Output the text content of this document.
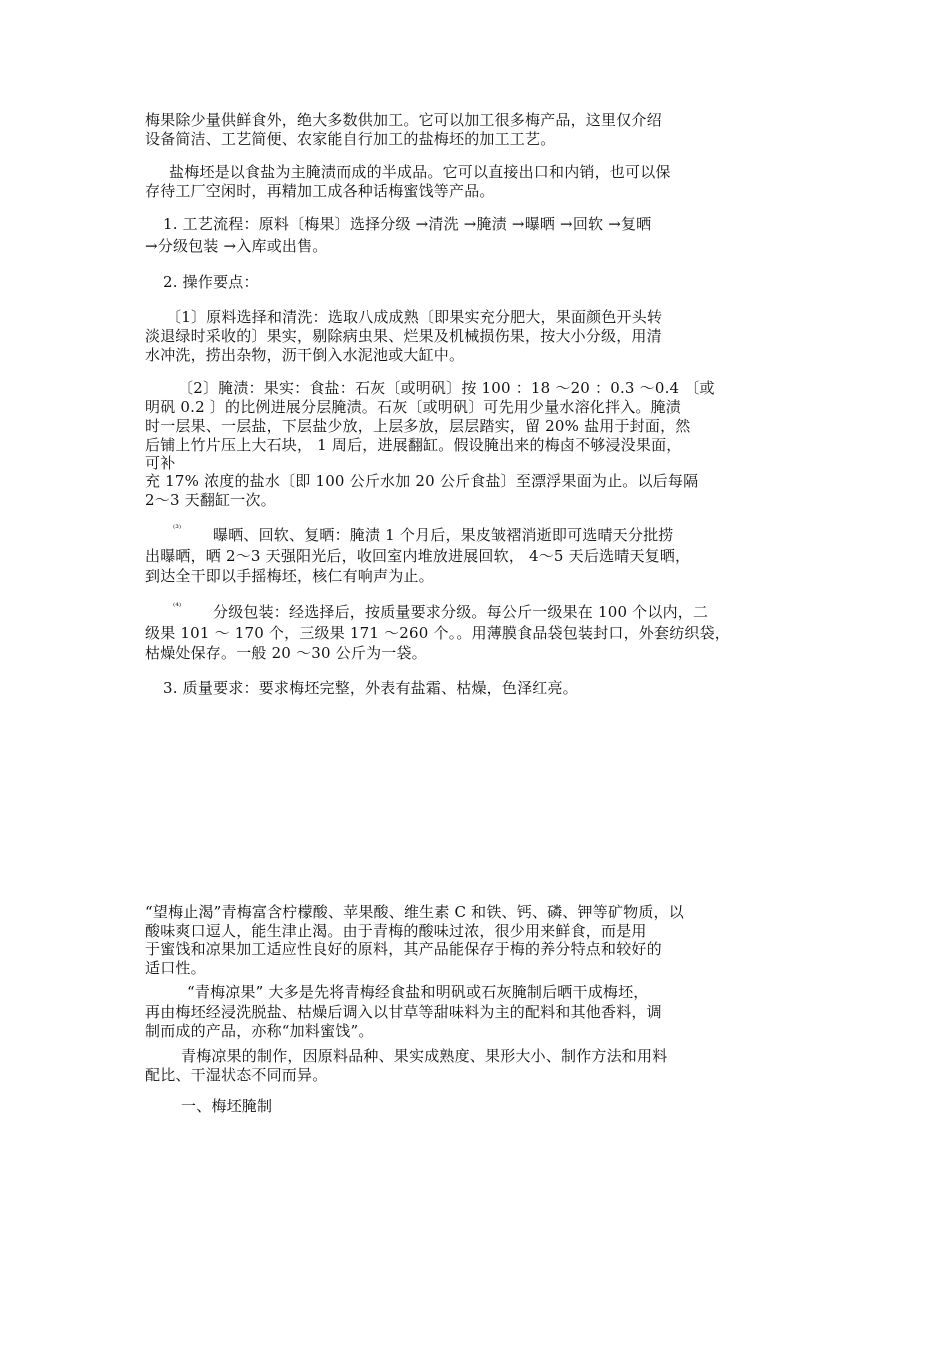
梅果除少量供鲜食外，绝大多数供加工。它可以加工很多梅产品，这里仅介绍
设备简洁、工艺简便、农家能自行加工的盐梅坯的加工工艺。
盐梅坯是以食盐为主腌渍而成的半成品。它可以直接出口和内销，也可以保
存待工厂空闲时，再精加工成各种话梅蜜饯等产品。
1. 工艺流程：原料〔梅果〕选择分级 →清洗 →腌渍 →曝晒 →回软 →复晒
→分级包装 →入库或出售。
2. 操作要点：
〔1〕原料选择和清洗：选取八成成熟〔即果实充分肥大，果面颜色开头转
淡退绿时采收的〕果实，剔除病虫果、烂果及机械损伤果，按大小分级，用清
水冲洗，捞出杂物，沥干倒入水泥池或大缸中。
〔2〕腌渍：果实：食盐：石灰〔或明矾〕按 100 ：18 ～20 ：0.3 ～0.4 〔或
明矾 0.2 〕的比例进展分层腌渍。石灰〔或明矾〕可先用少量水溶化拌入。腌渍
时一层果、一层盐，下层盐少放，上层多放，层层踏实，留 20% 盐用于封面，然
后铺上竹片压上大石块， 1 周后，进展翻缸。假设腌出来的梅卤不够浸没果面，
可补
充 17% 浓度的盐水〔即 100 公斤水加 20 公斤食盐〕至漂浮果面为止。以后每隔
2～3 天翻缸一次。
⁽³⁾ 曝晒、回软、复晒：腌渍 1 个月后，果皮皱褶消逝即可选晴天分批捞
出曝晒，晒 2～3 天强阳光后，收回室内堆放进展回软， 4～5 天后选晴天复晒，
到达全干即以手摇梅坯，核仁有响声为止。
⁽⁴⁾ 分级包装：经选择后，按质量要求分级。每公斤一级果在 100 个以内，二
级果 101 ～ 170 个，三级果 171 ～260 个。。用薄膜食品袋包装封口，外套纺织袋，
枯燥处保存。一般 20 ～30 公斤为一袋。
3. 质量要求：要求梅坯完整，外表有盐霜、枯燥，色泽红亮。
“望梅止渴”青梅富含柠檬酸、苹果酸、维生素 C 和铁、钙、磷、钾等矿物质，以
酸味爽口逗人，能生津止渴。由于青梅的酸味过浓，很少用来鲜食，而是用
于蜜饯和凉果加工适应性良好的原料，其产品能保存于梅的养分特点和较好的
适口性。
“青梅凉果” 大多是先将青梅经食盐和明矾或石灰腌制后晒干成梅坯，
再由梅坯经浸洗脱盐、枯燥后调入以甘草等甜味料为主的配料和其他香料，调
制而成的产品，亦称“加料蜜饯”。
青梅凉果的制作，因原料品种、果实成熟度、果形大小、制作方法和用料
配比、干湿状态不同而异。
一、梅坯腌制
